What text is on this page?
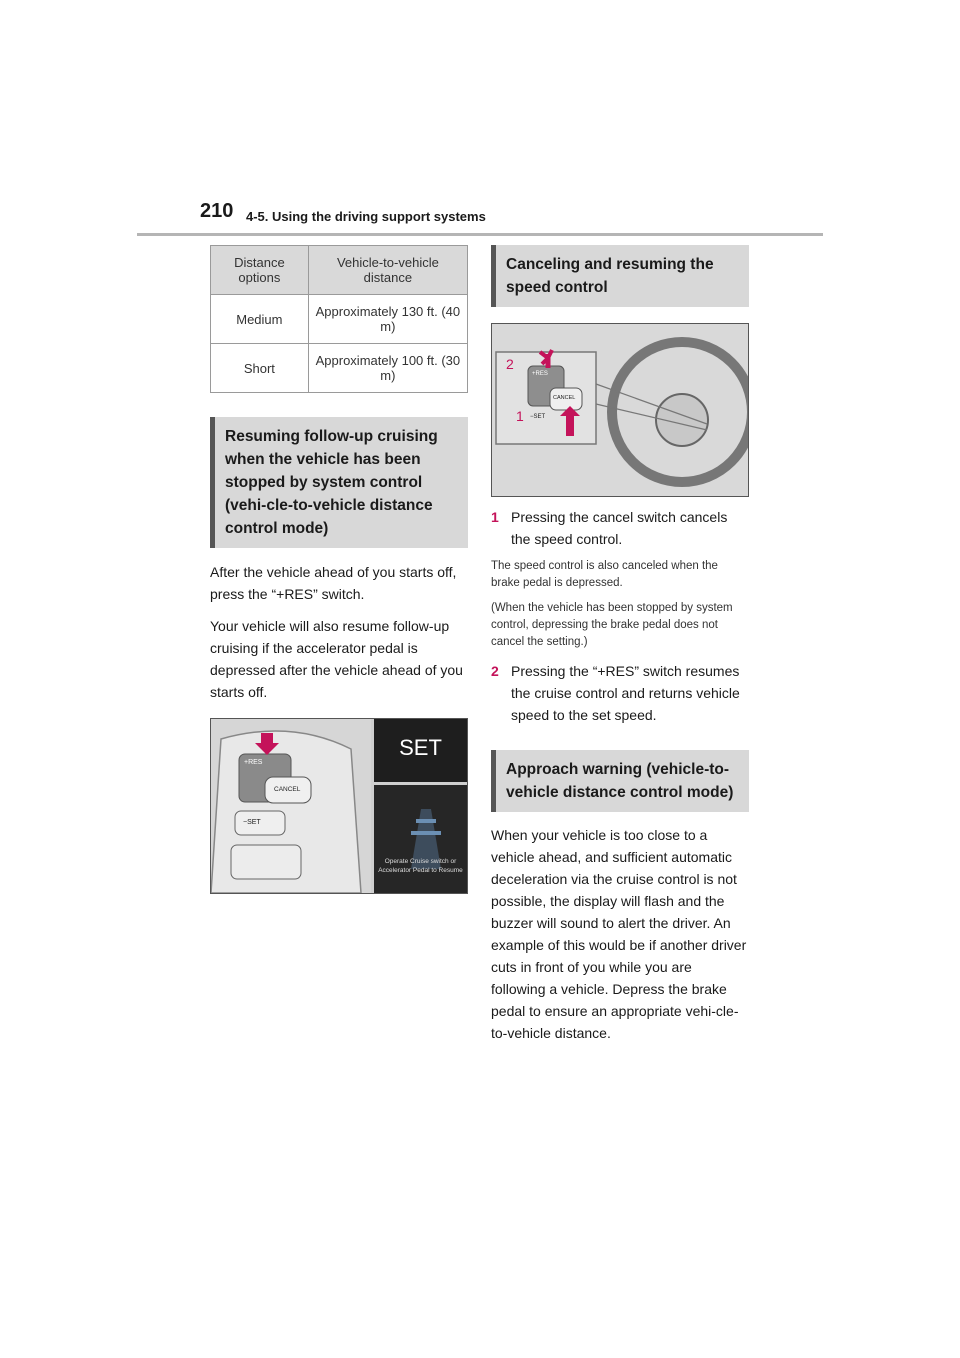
210 4-5. Using the driving support systems
Distance options	Vehicle-to-vehicle distance
Medium	Approximately 130 ft. (40 m)
Short	Approximately 100 ft. (30 m)
Resuming follow-up cruising when the vehicle has been stopped by system control (vehi-cle-to-vehicle distance control mode)

After the vehicle ahead of you starts off, press the “+RES” switch.

Your vehicle will also resume follow-up cruising if the accelerator pedal is depressed after the vehicle ahead of you starts off.

+RES
CANCEL
−SET
SET
Operate Cruise switch or Accelerator Pedal to Resume
Canceling and resuming the speed control
2
1
+RES
CANCEL
−SET
1 Pressing the cancel switch cancels the speed control.

The speed control is also canceled when the brake pedal is depressed.

(When the vehicle has been stopped by system control, depressing the brake pedal does not cancel the setting.)

2 Pressing the “+RES” switch resumes the cruise control and returns vehicle speed to the set speed.
Approach warning (vehicle-to-vehicle distance control mode)

When your vehicle is too close to a vehicle ahead, and sufficient automatic deceleration via the cruise control is not possible, the display will flash and the buzzer will sound to alert the driver. An example of this would be if another driver cuts in front of you while you are following a vehicle. Depress the brake pedal to ensure an appropriate vehi-cle-to-vehicle distance.
